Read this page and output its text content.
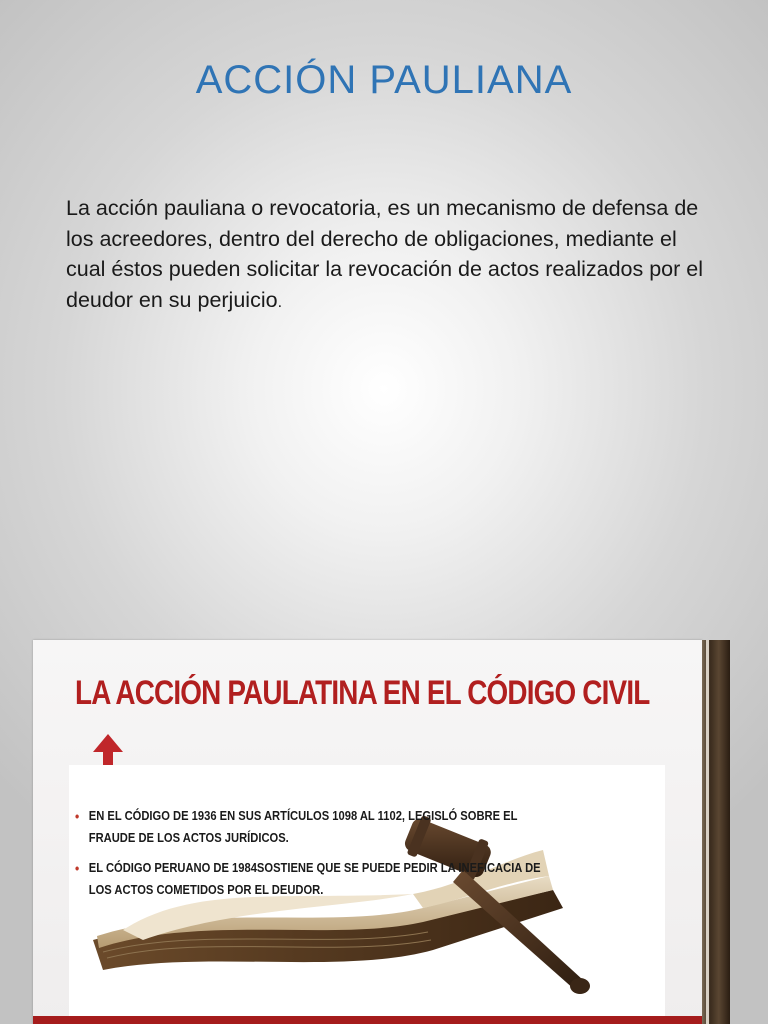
ACCIÓN PAULIANA
La acción pauliana o revocatoria, es un mecanismo de defensa de los acreedores, dentro del derecho de obligaciones, mediante el cual éstos pueden solicitar la revocación de actos realizados por el deudor en su perjuicio.
LA ACCIÓN PAULATINA EN EL CÓDIGO CIVIL
• EN EL CÓDIGO DE 1936 EN SUS ARTÍCULOS 1098 AL 1102, LEGISLÓ SOBRE EL FRAUDE DE LOS ACTOS JURÍDICOS.
• EL CÓDIGO PERUANO DE 1984SOSTIENE QUE SE PUEDE PEDIR LA INEFICACIA DE LOS ACTOS COMETIDOS POR EL DEUDOR.
